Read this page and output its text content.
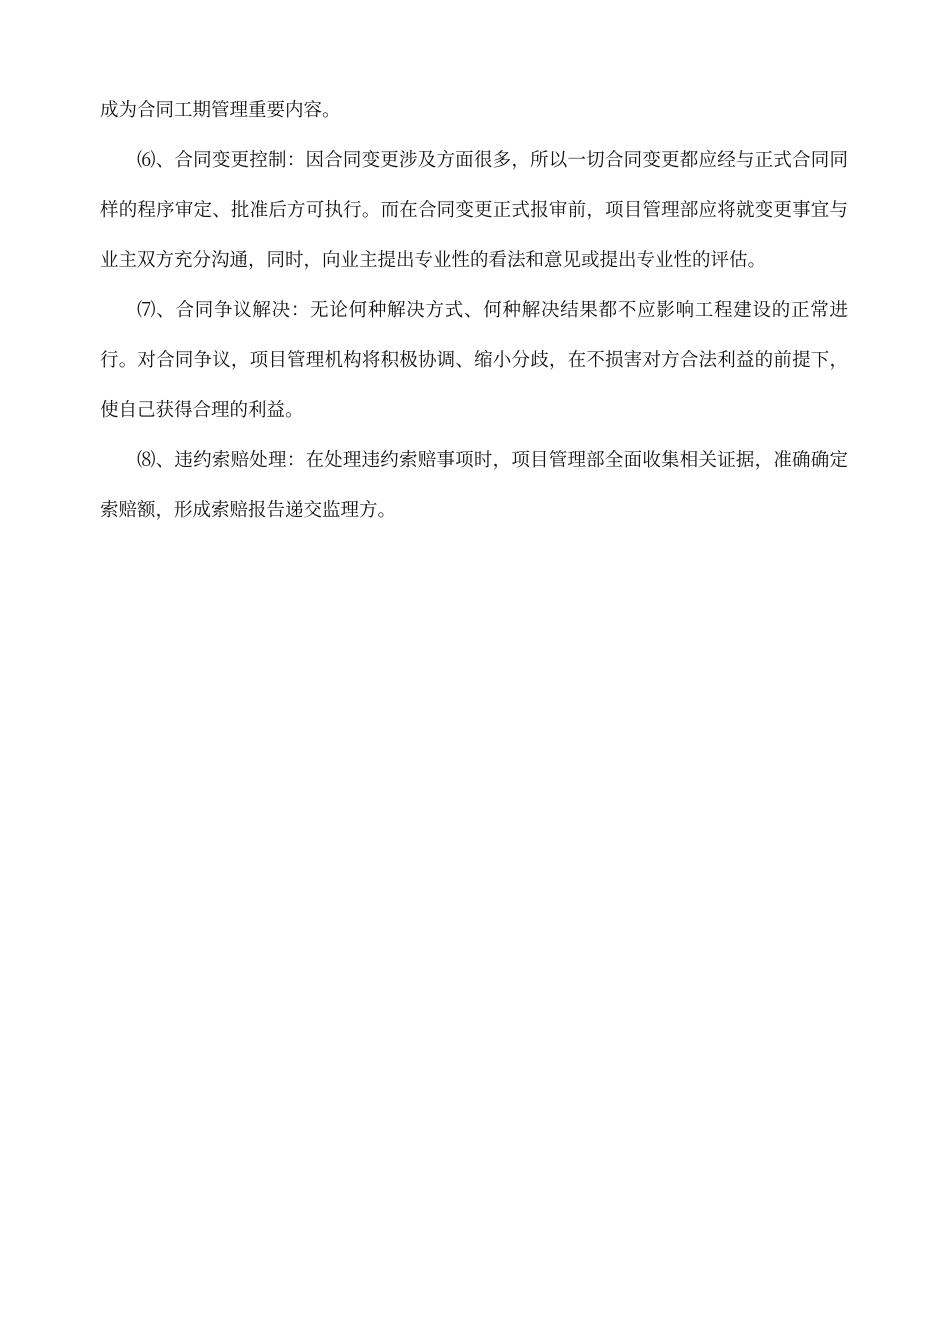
成为合同工期管理重要内容。

⑹、合同变更控制：因合同变更涉及方面很多，所以一切合同变更都应经与正式合同同样的程序审定、批准后方可执行。而在合同变更正式报审前，项目管理部应将就变更事宜与业主双方充分沟通，同时，向业主提出专业性的看法和意见或提出专业性的评估。

⑺、合同争议解决：无论何种解决方式、何种解决结果都不应影响工程建设的正常进行。对合同争议，项目管理机构将积极协调、缩小分歧，在不损害对方合法利益的前提下，使自己获得合理的利益。

⑻、违约索赔处理：在处理违约索赔事项时，项目管理部全面收集相关证据，准确确定索赔额，形成索赔报告递交监理方。
